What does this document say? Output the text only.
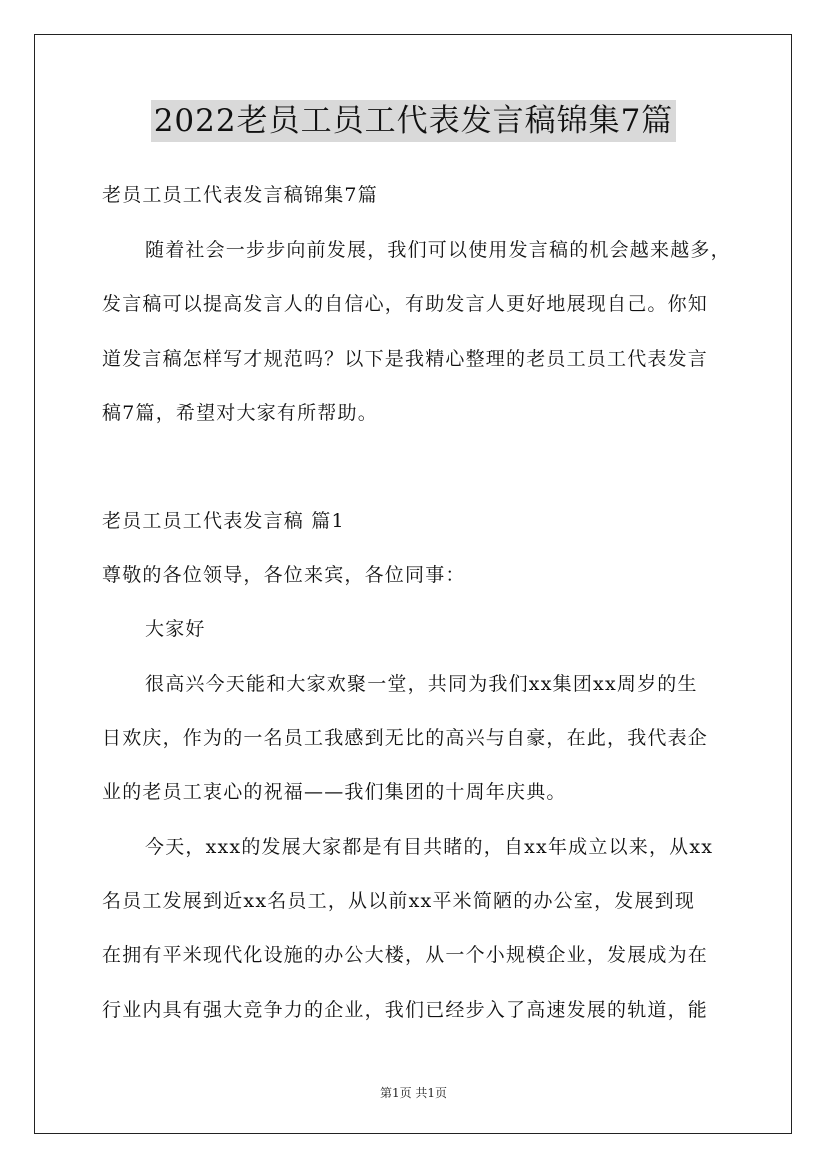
2022老员工员工代表发言稿锦集7篇
老员工员工代表发言稿锦集7篇
随着社会一步步向前发展，我们可以使用发言稿的机会越来越多，
发言稿可以提高发言人的自信心，有助发言人更好地展现自己。你知
道发言稿怎样写才规范吗？以下是我精心整理的老员工员工代表发言
稿7篇，希望对大家有所帮助。
老员工员工代表发言稿 篇1
尊敬的各位领导，各位来宾，各位同事：
大家好
很高兴今天能和大家欢聚一堂，共同为我们xx集团xx周岁的生
日欢庆，作为的一名员工我感到无比的高兴与自豪，在此，我代表企
业的老员工衷心的祝福——我们集团的十周年庆典。
今天，xxx的发展大家都是有目共睹的，自xx年成立以来，从xx
名员工发展到近xx名员工，从以前xx平米简陋的办公室，发展到现
在拥有平米现代化设施的办公大楼，从一个小规模企业，发展成为在
行业内具有强大竞争力的企业，我们已经步入了高速发展的轨道，能
第1页 共1页
